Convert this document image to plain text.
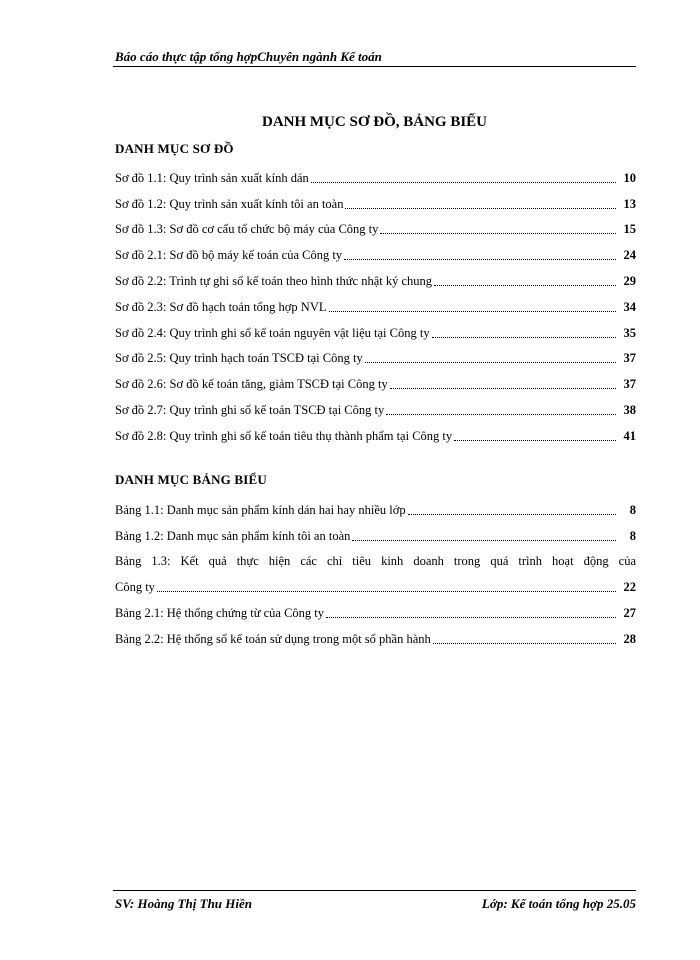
Báo cáo thực tập tổng hợpChuyên ngành Kế toán
DANH MỤC SƠ ĐỒ, BẢNG BIỂU
DANH MỤC SƠ ĐỒ
Sơ đồ 1.1: Quy trình sản xuất kính dán	10
Sơ đồ 1.2: Quy trình sản xuất kính tôi an toàn	13
Sơ đồ 1.3: Sơ đồ cơ cấu tổ chức bộ máy của Công ty	15
Sơ đồ 2.1: Sơ đồ bộ máy kế toán của Công ty	24
Sơ đồ 2.2: Trình tự ghi sổ kế toán theo hình thức nhật ký chung	29
Sơ đồ 2.3: Sơ đồ hạch toán tổng hợp NVL	34
Sơ đồ 2.4: Quy trình ghi sổ kế toán nguyên vật liệu tại Công ty	35
Sơ đồ 2.5: Quy trình hạch toán TSCĐ tại Công ty	37
Sơ đồ 2.6: Sơ đồ kế toán tăng, giảm TSCĐ tại Công ty	37
Sơ đồ 2.7: Quy trình ghi sổ kế toán TSCĐ tại Công ty	38
Sơ đồ 2.8: Quy trình ghi sổ kế toán tiêu thụ thành phẩm tại Công ty	41
DANH MỤC BẢNG BIỂU
Bảng 1.1: Danh mục sản phẩm kính dán hai hay nhiều lớp	8
Bảng 1.2: Danh mục sản phẩm kính tôi an toàn	8
Bảng 1.3: Kết quả thực hiện các chỉ tiêu kinh doanh trong quá trình hoạt động của
Công ty	22
Bảng 2.1: Hệ thống chứng từ của Công ty	27
Bảng 2.2: Hệ thống sổ kế toán sử dụng trong một số phần hành	28
SV: Hoàng Thị Thu Hiền	Lớp: Kế toán tổng hợp 25.05
